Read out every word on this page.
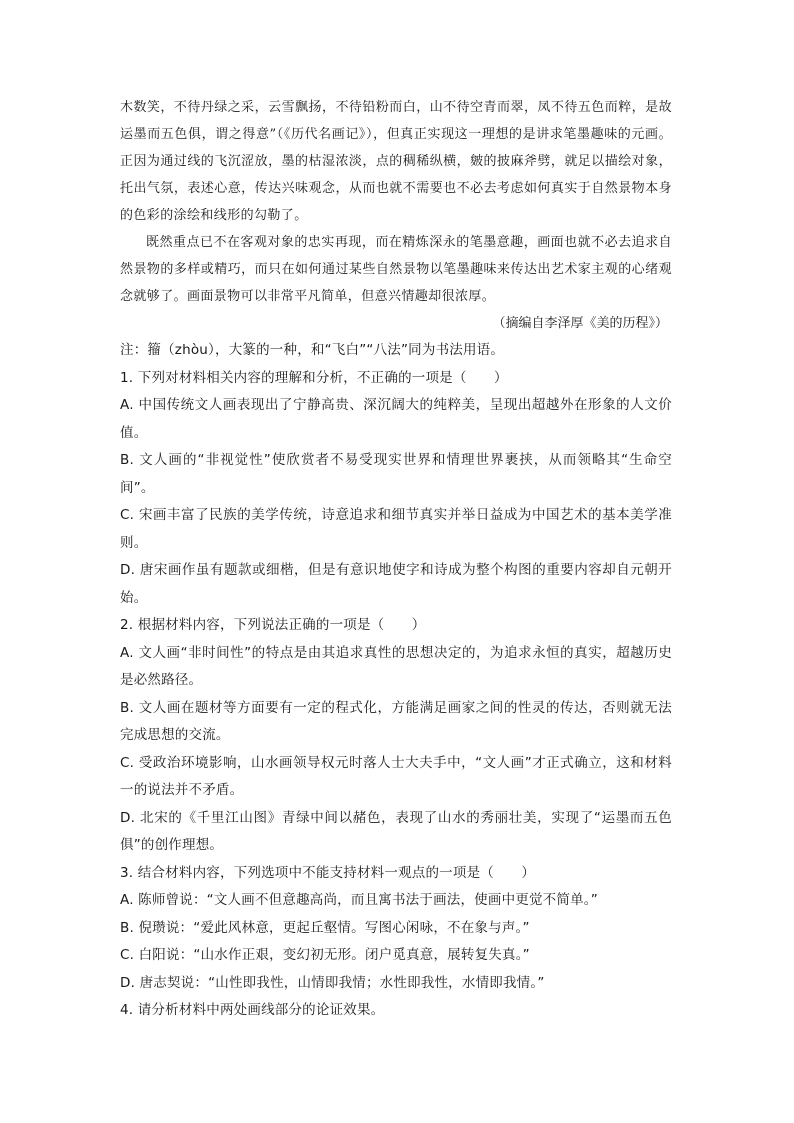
木数笑，不待丹绿之采，云雪飘扬，不待铅粉而白，山不待空青而翠，凤不待五色而粹，是故运墨而五色俱，谓之得意”（《历代名画记》），但真正实现这一理想的是讲求笔墨趣味的元画。正因为通过线的飞沉涩放，墨的枯湿浓淡，点的稠稀纵横，皴的披麻斧劈，就足以描绘对象，托出气氛，表述心意，传达兴味观念，从而也就不需要也不必去考虑如何真实于自然景物本身的色彩的涂绘和线形的勾勒了。

既然重点已不在客观对象的忠实再现，而在精炼深永的笔墨意趣，画面也就不必去追求自然景物的多样或精巧，而只在如何通过某些自然景物以笔墨趣味来传达出艺术家主观的心绪观念就够了。画面景物可以非常平凡简单，但意兴情趣却很浓厚。

（摘编自李泽厚《美的历程》）

注：籀（zhòu），大篆的一种，和“飞白”“八法”同为书法用语。

1. 下列对材料相关内容的理解和分析，不正确的一项是（　　）

A. 中国传统文人画表现出了宁静高贵、深沉阔大的纯粹美，呈现出超越外在形象的人文价值。

B. 文人画的“非视觉性”使欣赏者不易受现实世界和情理世界裹挟，从而领略其“生命空间”。

C. 宋画丰富了民族的美学传统，诗意追求和细节真实并举日益成为中国艺术的基本美学准则。

D. 唐宋画作虽有题款或细楷，但是有意识地使字和诗成为整个构图的重要内容却自元朝开始。

2. 根据材料内容，下列说法正确的一项是（　　）

A. 文人画“非时间性”的特点是由其追求真性的思想决定的，为追求永恒的真实，超越历史是必然路径。

B. 文人画在题材等方面要有一定的程式化，方能满足画家之间的性灵的传达，否则就无法完成思想的交流。

C. 受政治环境影响，山水画领导权元时落人士大夫手中，“文人画”才正式确立，这和材料一的说法并不矛盾。

D. 北宋的《千里江山图》青绿中间以赭色，表现了山水的秀丽壮美，实现了“运墨而五色俱”的创作理想。

3. 结合材料内容，下列选项中不能支持材料一观点的一项是（　　）

A. 陈师曾说：“文人画不但意趣高尚，而且寓书法于画法，使画中更觉不简单。”

B. 倪瓒说：“爱此风林意，更起丘壑情。写图心闲咏，不在象与声。”

C. 白阳说：“山水作正艰，变幻初无形。闭户觅真意，展转复失真。”

D. 唐志契说：“山性即我性，山情即我情；水性即我性，水情即我情。”

4. 请分析材料中两处画线部分的论证效果。
